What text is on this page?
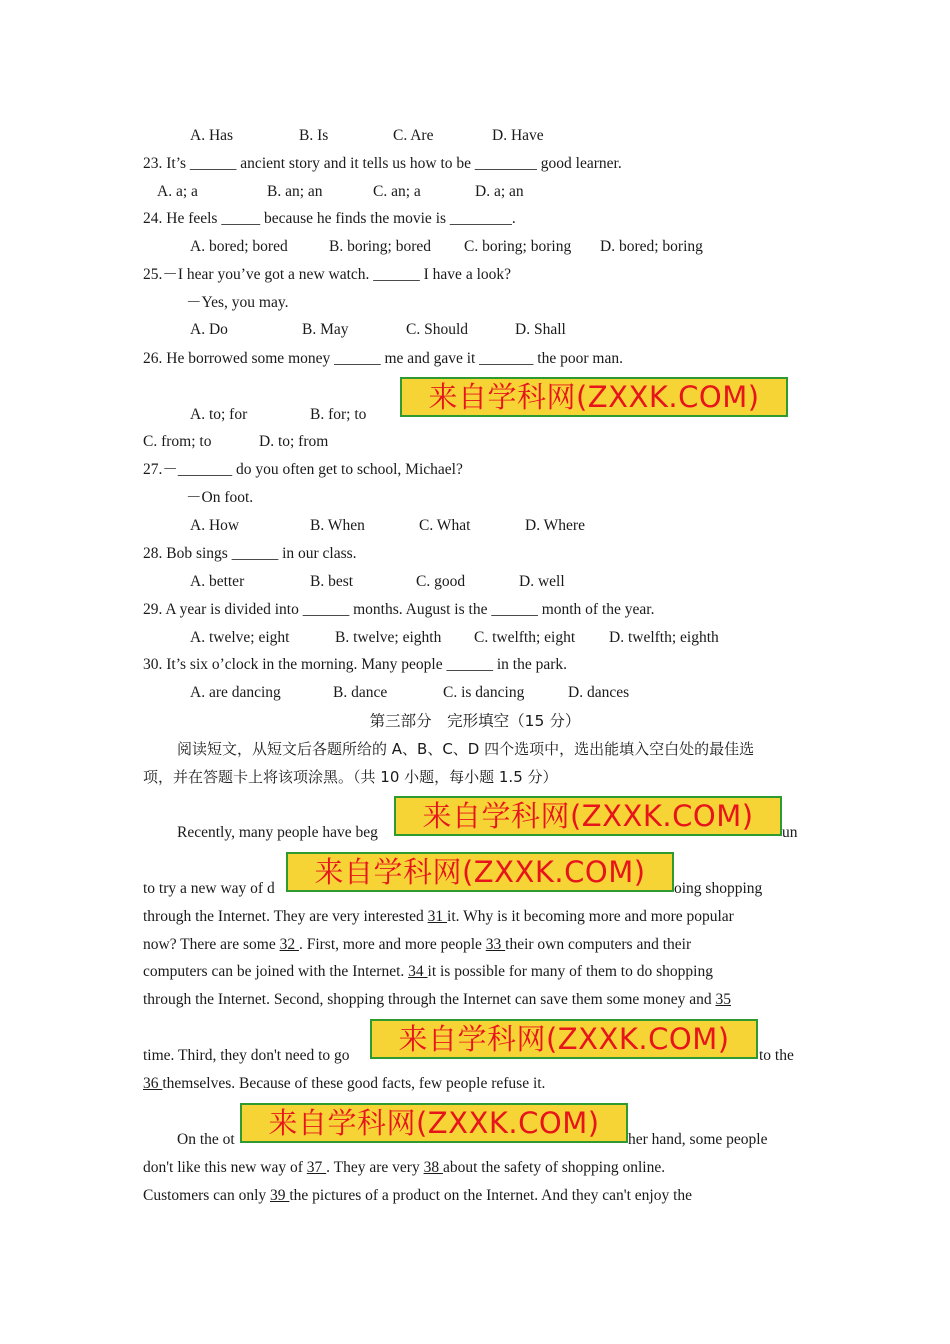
A. Has	B. Is	C. Are	D. Have
23. It’s ______ ancient story and it tells us how to be ________ good learner.
A. a; a	B. an; an	C. an; a	D. a; an
24. He feels _____ because he finds the movie is ________.
A. bored; bored	B. boring; bored C. boring; boring D. bored; boring
25.－I hear you’ve got a new watch. ______ I have a look?
－Yes, you may.
A. Do	B. May	C. Should	D. Shall
26. He borrowed some money ______ me and gave it _______ the poor man.
来自学科网(ZXXK.COM)
A. to; for	B. for; to
C. from; to	D. to; from
27.－_______ do you often get to school, Michael?
－On foot.
A. How	B. When	C. What	D. Where
28. Bob sings ______ in our class.
A. better	B. best	C. good	D. well
29. A year is divided into ______ months. August is the ______ month of the year.
A. twelve; eight	B. twelve; eighth C. twelfth; eight D. twelfth; eighth
30. It’s six o’clock in the morning. Many people ______ in the park.
A. are dancing	B. dance	C. is dancing	D. dances
第三部分　完形填空（15 分）
阅读短文，从短文后各题所给的 A、B、C、D 四个选项中，选出能填入空白处的最佳选
项，并在答题卡上将该项涂黑。（共 10 小题，每小题 1.5 分）
Recently, many people have beg	来自学科网(ZXXK.COM)	un
to try a new way of d	来自学科网(ZXXK.COM)	oing shopping
through the Internet. They are very interested 31 it. Why is it becoming more and more popular
now? There are some 32 . First, more and more people 33 their own computers and their
computers can be joined with the Internet. 34 it is possible for many of them to do shopping
through the Internet. Second, shopping through the Internet can save them some money and 35
time. Third, they don't need to go	来自学科网(ZXXK.COM)	to the
36 themselves. Because of these good facts, few people refuse it.
On the ot	来自学科网(ZXXK.COM)	her hand, some people
don't like this new way of 37 . They are very 38 about the safety of shopping online.
Customers can only 39 the pictures of a product on the Internet. And they can't enjoy the
